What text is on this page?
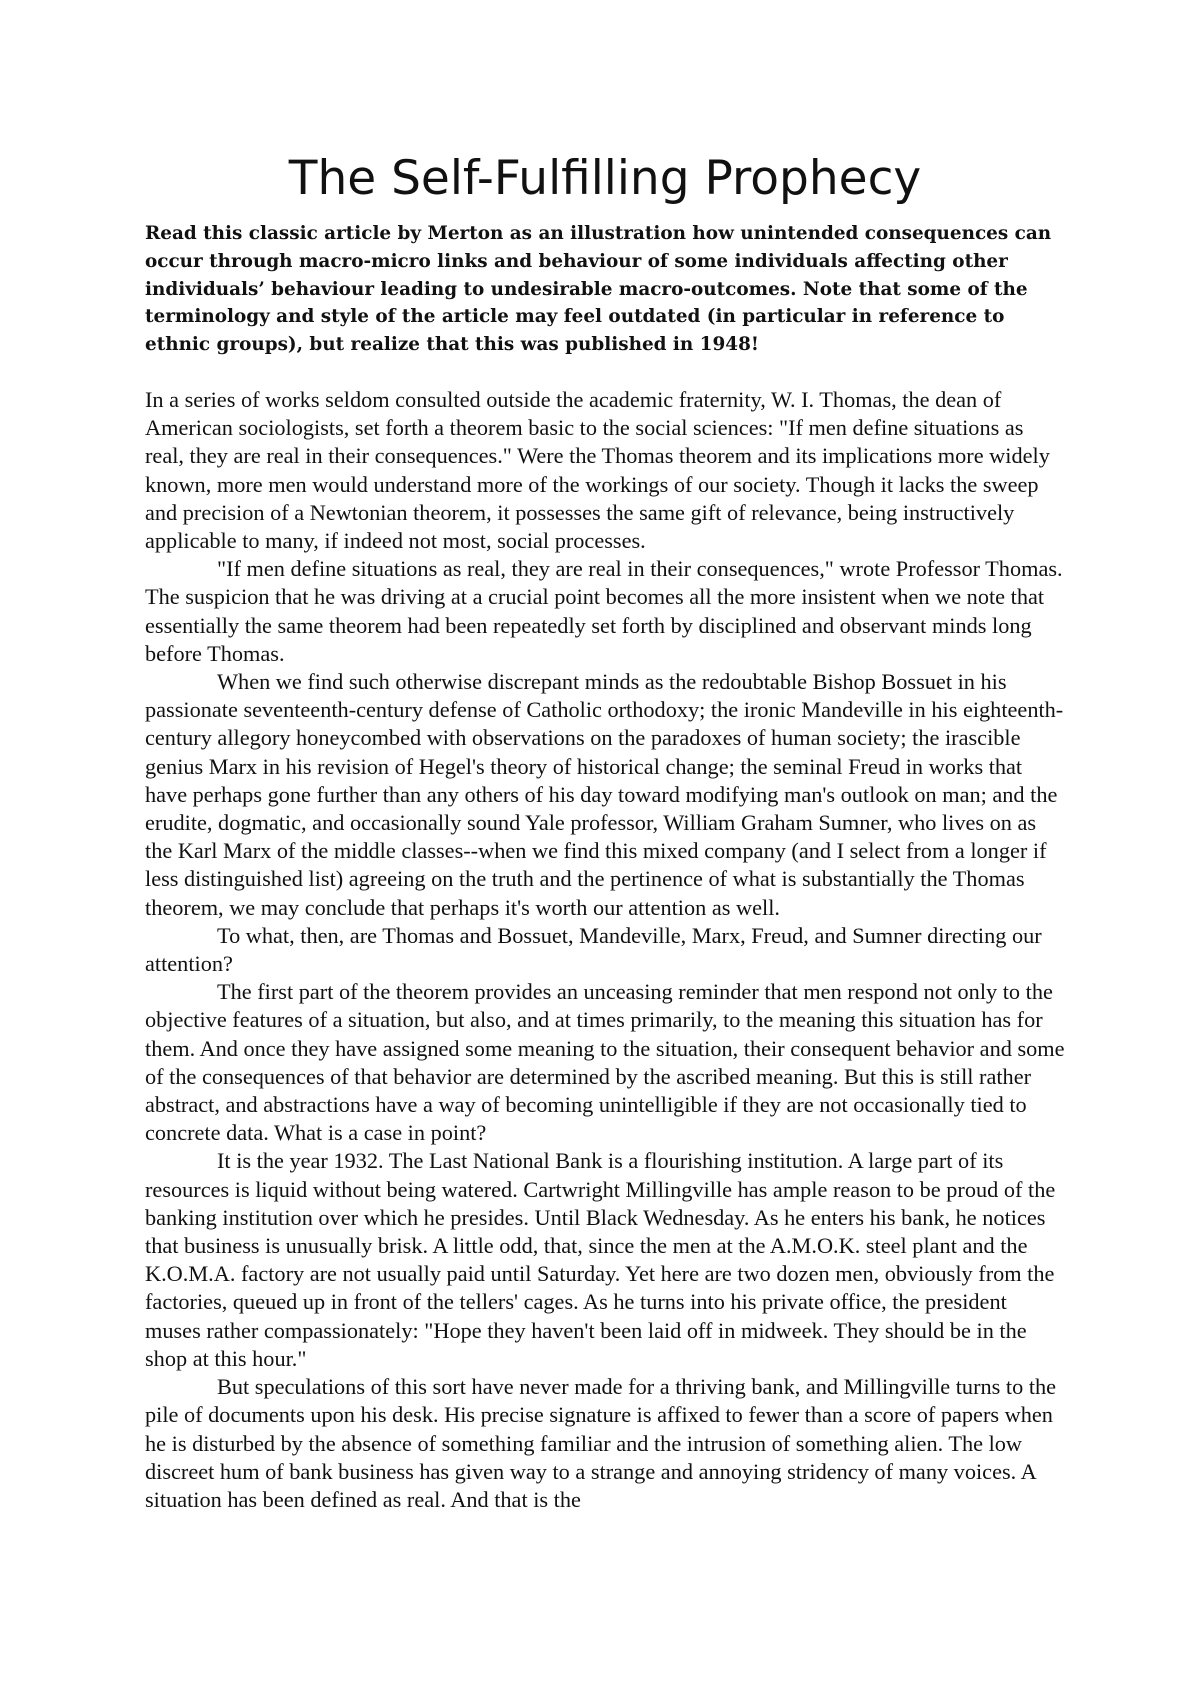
The Self-Fulfilling Prophecy

Read this classic article by Merton as an illustration how unintended consequences can occur through macro-micro links and behaviour of some individuals affecting other individuals’ behaviour leading to undesirable macro-outcomes. Note that some of the terminology and style of the article may feel outdated (in particular in reference to ethnic groups), but realize that this was published in 1948!

In a series of works seldom consulted outside the academic fraternity, W. I. Thomas, the dean of American sociologists, set forth a theorem basic to the social sciences: "If men define situations as real, they are real in their consequences." Were the Thomas theorem and its implications more widely known, more men would understand more of the workings of our society. Though it lacks the sweep and precision of a Newtonian theorem, it possesses the same gift of relevance, being instructively applicable to many, if indeed not most, social processes.

"If men define situations as real, they are real in their consequences," wrote Professor Thomas. The suspicion that he was driving at a crucial point becomes all the more insistent when we note that essentially the same theorem had been repeatedly set forth by disciplined and observant minds long before Thomas.

When we find such otherwise discrepant minds as the redoubtable Bishop Bossuet in his passionate seventeenth-century defense of Catholic orthodoxy; the ironic Mandeville in his eighteenth-century allegory honeycombed with observations on the paradoxes of human society; the irascible genius Marx in his revision of Hegel's theory of historical change; the seminal Freud in works that have perhaps gone further than any others of his day toward modifying man's outlook on man; and the erudite, dogmatic, and occasionally sound Yale professor, William Graham Sumner, who lives on as the Karl Marx of the middle classes--when we find this mixed company (and I select from a longer if less distinguished list) agreeing on the truth and the pertinence of what is substantially the Thomas theorem, we may conclude that perhaps it's worth our attention as well.

To what, then, are Thomas and Bossuet, Mandeville, Marx, Freud, and Sumner directing our attention?

The first part of the theorem provides an unceasing reminder that men respond not only to the objective features of a situation, but also, and at times primarily, to the meaning this situation has for them. And once they have assigned some meaning to the situation, their consequent behavior and some of the consequences of that behavior are determined by the ascribed meaning. But this is still rather abstract, and abstractions have a way of becoming unintelligible if they are not occasionally tied to concrete data. What is a case in point?

It is the year 1932. The Last National Bank is a flourishing institution. A large part of its resources is liquid without being watered. Cartwright Millingville has ample reason to be proud of the banking institution over which he presides. Until Black Wednesday. As he enters his bank, he notices that business is unusually brisk. A little odd, that, since the men at the A.M.O.K. steel plant and the K.O.M.A. factory are not usually paid until Saturday. Yet here are two dozen men, obviously from the factories, queued up in front of the tellers' cages. As he turns into his private office, the president muses rather compassionately: "Hope they haven't been laid off in midweek. They should be in the shop at this hour."

But speculations of this sort have never made for a thriving bank, and Millingville turns to the pile of documents upon his desk. His precise signature is affixed to fewer than a score of papers when he is disturbed by the absence of something familiar and the intrusion of something alien. The low discreet hum of bank business has given way to a strange and annoying stridency of many voices. A situation has been defined as real. And that is the
